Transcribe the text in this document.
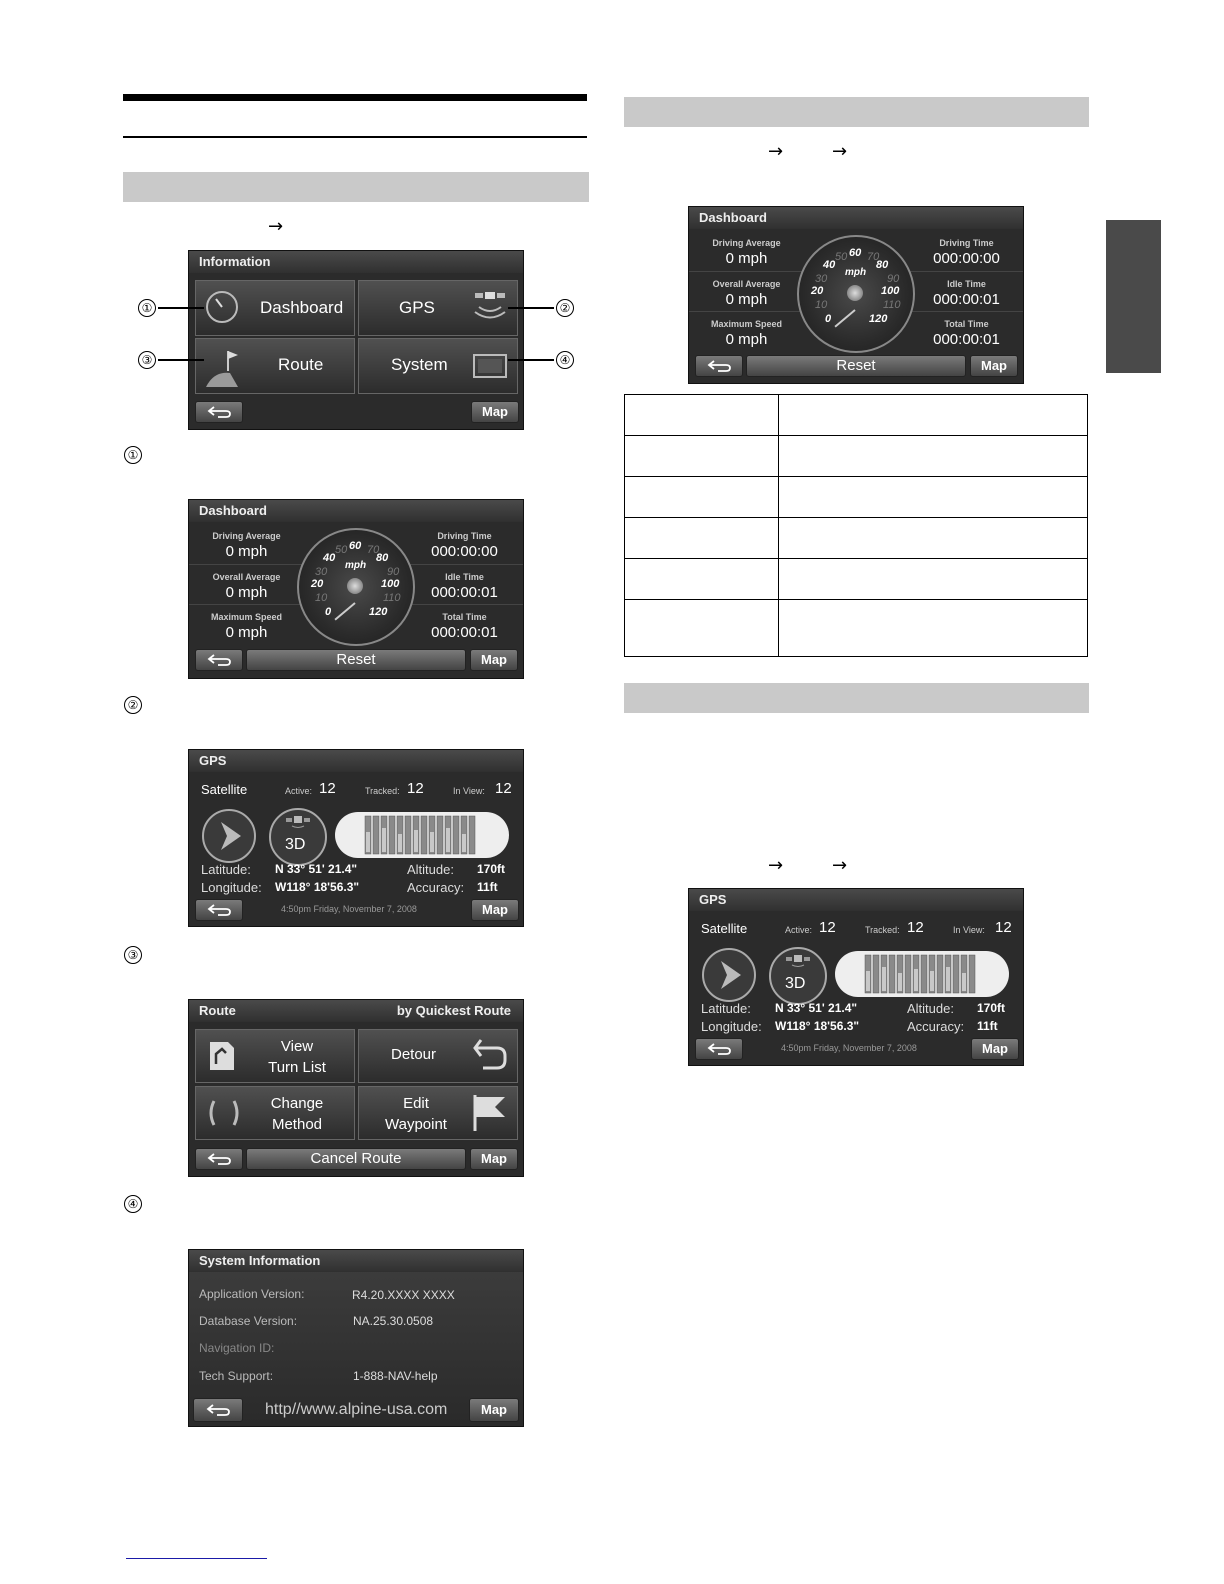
→
Information
Dashboard	GPS
Route	System
Map
①	②
③	④
①
Dashboard
Driving Average
0 mph
Overall Average
0 mph
Maximum Speed
0 mph
Driving Time
000:00:00
Idle Time
000:00:01
Total Time
000:00:01
60
40	80
20	100
0	120
30
50 70
90
10	110
mph
Reset	Map
②
GPS
Satellite	Active: 12	Tracked: 12	In View: 12
3D
Latitude: N 33° 51' 21.4"
Longitude: W118° 18'56.3"
Altitude: 170ft
Accuracy: 11ft
4:50pm Friday, November 7, 2008	Map
③
Route	by Quickest Route
View
Turn List
Detour
Change
Method
Edit
Waypoint
Cancel Route	Map
④
System Information
Application Version:	R4.20.XXXX XXXX
Database Version:	NA.25.30.0508
Navigation ID:
Tech Support:	1-888-NAV-help
http//www.alpine-usa.com	Map
→	→
Dashboard
Driving Average
0 mph
Overall Average
0 mph
Maximum Speed
0 mph
Driving Time
000:00:00
Idle Time
000:00:01
Total Time
000:00:01
60
40	80
20	100
0	120
30
50 70
90
10	110
mph
Reset	Map

→	→
GPS
Satellite	Active: 12	Tracked: 12	In View: 12
3D
Latitude: N 33° 51' 21.4"
Longitude: W118° 18'56.3"
Altitude: 170ft
Accuracy: 11ft
4:50pm Friday, November 7, 2008	Map
